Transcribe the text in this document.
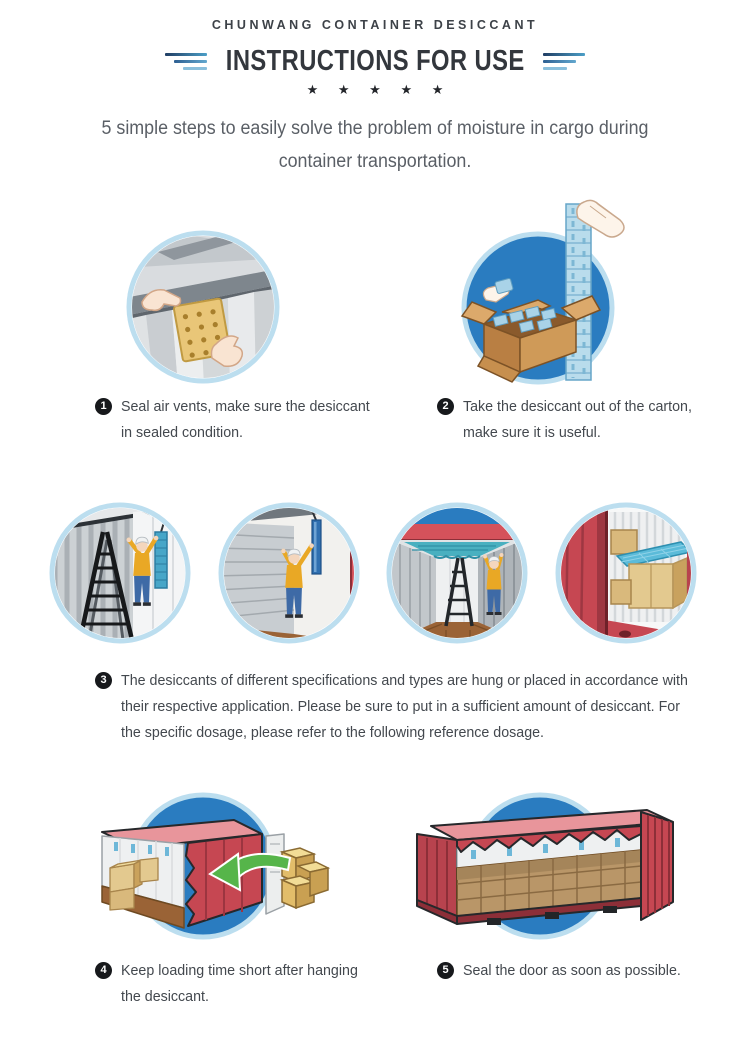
CHUNWANG CONTAINER DESICCANT
INSTRUCTIONS FOR USE
★ ★ ★ ★ ★
5 simple steps to easily solve the problem of moisture in cargo during
container transportation.
1 Seal air vents, make sure the desiccant
in sealed condition.
2 Take the desiccant out of the carton,
make sure it is useful.
3 The desiccants of different specifications and types are hung or placed in accordance with
their respective application. Please be sure to put in a sufficient amount of desiccant. For
the specific dosage, please refer to the following reference dosage.
4 Keep loading time short after hanging
the desiccant.
5 Seal the door as soon as possible.
